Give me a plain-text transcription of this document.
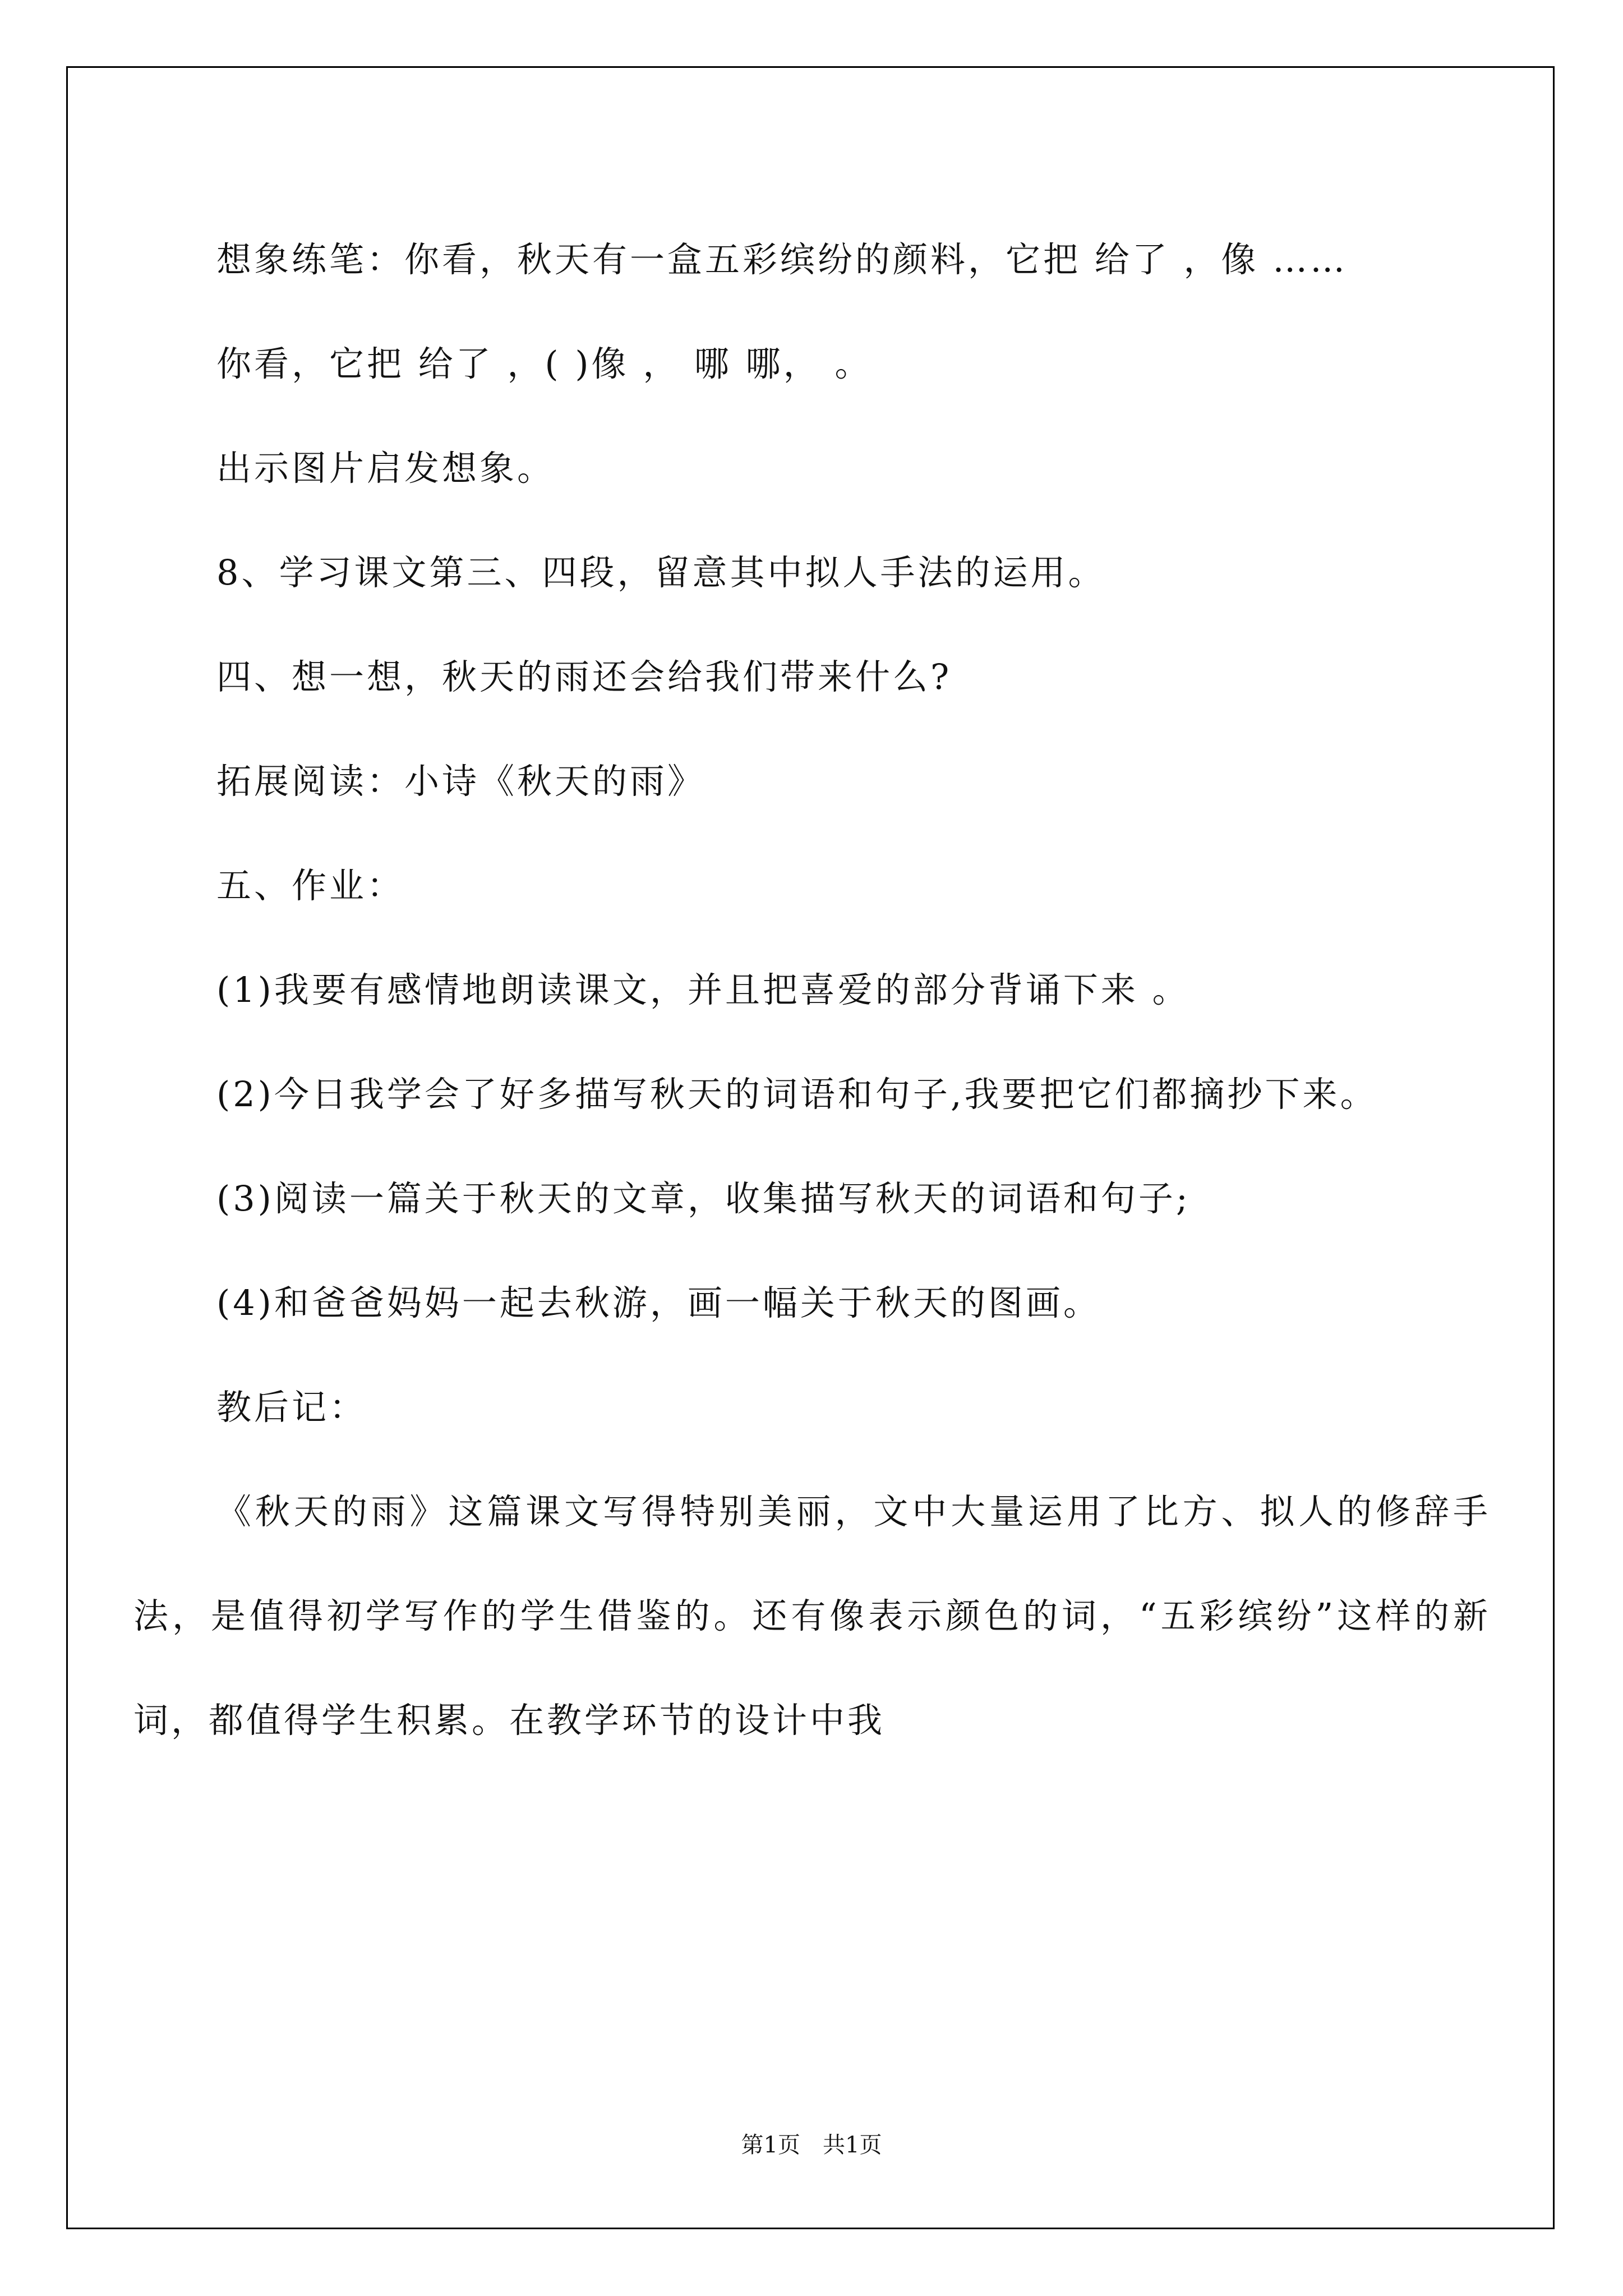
想象练笔：你看，秋天有一盒五彩缤纷的颜料，它把 给了 ，像 ……

你看，它把 给了 ，( )像 ， 哪 哪， 。

出示图片启发想象。

8、学习课文第三、四段，留意其中拟人手法的运用。

四、想一想，秋天的雨还会给我们带来什么?

拓展阅读：小诗《秋天的雨》

五、作业：

(1)我要有感情地朗读课文，并且把喜爱的部分背诵下来 。

(2)今日我学会了好多描写秋天的词语和句子,我要把它们都摘抄下来。

(3)阅读一篇关于秋天的文章，收集描写秋天的词语和句子;

(4)和爸爸妈妈一起去秋游，画一幅关于秋天的图画。

教后记：

《秋天的雨》这篇课文写得特别美丽，文中大量运用了比方、拟人的修辞手法，是值得初学写作的学生借鉴的。还有像表示颜色的词，“五彩缤纷”这样的新词，都值得学生积累。在教学环节的设计中我

第1页　共1页
